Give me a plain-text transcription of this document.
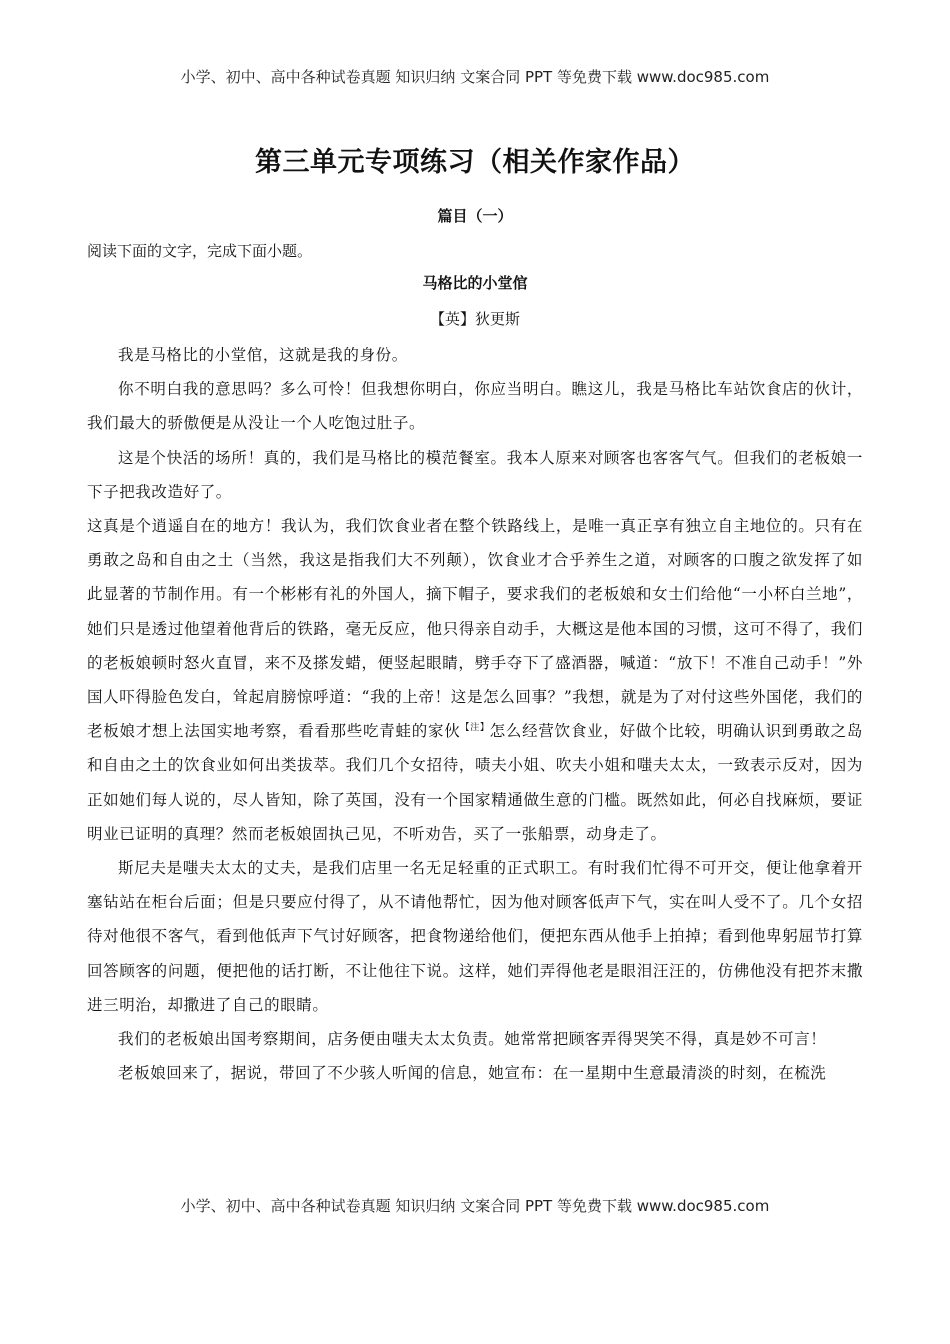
小学、初中、高中各种试卷真题 知识归纳 文案合同 PPT 等免费下载 www.doc985.com
第三单元专项练习（相关作家作品）
篇目（一）
阅读下面的文字，完成下面小题。
马格比的小堂倌
【英】狄更斯

我是马格比的小堂倌，这就是我的身份。

你不明白我的意思吗？多么可怜！但我想你明白，你应当明白。瞧这儿，我是马格比车站饮食店的伙计，我们最大的骄傲便是从没让一个人吃饱过肚子。

这是个快活的场所！真的，我们是马格比的模范餐室。我本人原来对顾客也客客气气。但我们的老板娘一下子把我改造好了。

这真是个逍遥自在的地方！我认为，我们饮食业者在整个铁路线上，是唯一真正享有独立自主地位的。只有在勇敢之岛和自由之土（当然，我这是指我们大不列颠），饮食业才合乎养生之道，对顾客的口腹之欲发挥了如此显著的节制作用。有一个彬彬有礼的外国人，摘下帽子，要求我们的老板娘和女士们给他“一小杯白兰地”，她们只是透过他望着他背后的铁路，毫无反应，他只得亲自动手，大概这是他本国的习惯，这可不得了，我们的老板娘顿时怒火直冒，来不及搽发蜡，便竖起眼睛，劈手夺下了盛酒器，喊道：“放下！不准自己动手！”外国人吓得脸色发白，耸起肩膀惊呼道：“我的上帝！这是怎么回事？”我想，就是为了对付这些外国佬，我们的老板娘才想上法国实地考察，看看那些吃青蛙的家伙$^{【注】}$怎么经营饮食业，好做个比较，明确认识到勇敢之岛和自由之土的饮食业如何出类拔萃。我们几个女招待，啧夫小姐、吹夫小姐和嗤夫太太，一致表示反对，因为正如她们每人说的，尽人皆知，除了英国，没有一个国家精通做生意的门槛。既然如此，何必自找麻烦，要证明业已证明的真理？然而老板娘固执己见，不听劝告，买了一张船票，动身走了。

斯尼夫是嗤夫太太的丈夫，是我们店里一名无足轻重的正式职工。有时我们忙得不可开交，便让他拿着开塞钻站在柜台后面；但是只要应付得了，从不请他帮忙，因为他对顾客低声下气，实在叫人受不了。几个女招待对他很不客气，看到他低声下气讨好顾客，把食物递给他们，便把东西从他手上拍掉；看到他卑躬屈节打算回答顾客的问题，便把他的话打断，不让他往下说。这样，她们弄得他老是眼泪汪汪的，仿佛他没有把芥末撒进三明治，却撒进了自己的眼睛。

我们的老板娘出国考察期间，店务便由嗤夫太太负责。她常常把顾客弄得哭笑不得，真是妙不可言！

老板娘回来了，据说，带回了不少骇人听闻的信息，她宣布：在一星期中生意最清淡的时刻，在梳洗

小学、初中、高中各种试卷真题 知识归纳 文案合同 PPT 等免费下载 www.doc985.com
